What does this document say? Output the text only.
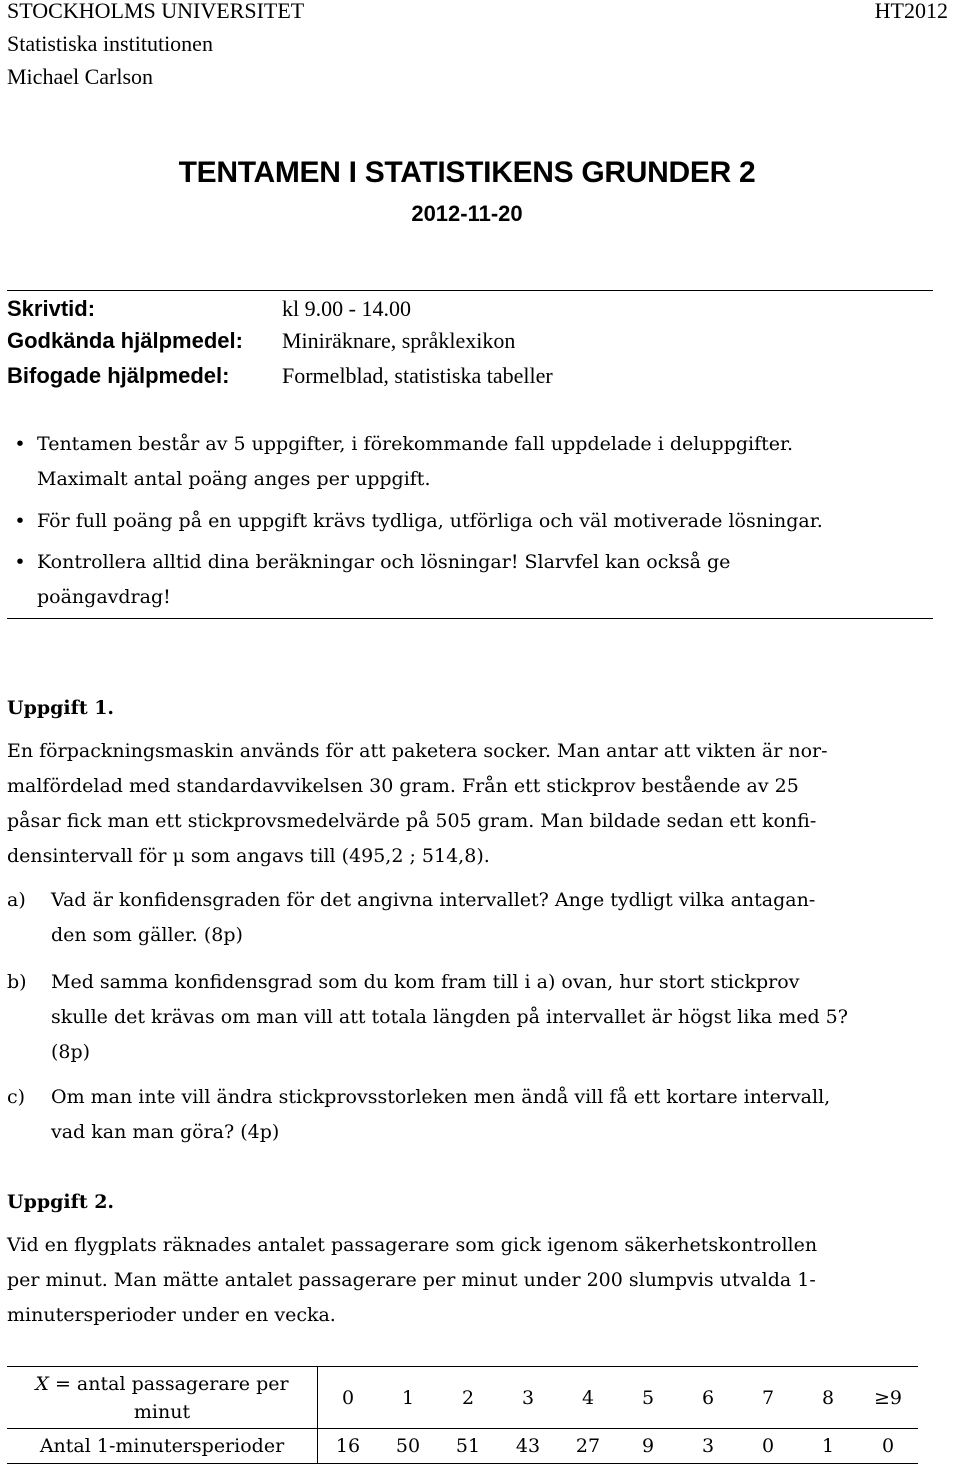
STOCKHOLMS UNIVERSITET	HT2012
Statistiska institutionen
Michael Carlson
TENTAMEN I STATISTIKENS GRUNDER 2
2012-11-20
Skrivtid:	kl 9.00 - 14.00
Godkända hjälpmedel: Miniräknare, språklexikon
Bifogade hjälpmedel: Formelblad, statistiska tabeller
• Tentamen består av 5 uppgifter, i förekommande fall uppdelade i deluppgifter.
Maximalt antal poäng anges per uppgift.
• För full poäng på en uppgift krävs tydliga, utförliga och väl motiverade lösningar.
• Kontrollera alltid dina beräkningar och lösningar! Slarvfel kan också ge
poängavdrag!
Uppgift 1.
En förpackningsmaskin används för att paketera socker. Man antar att vikten är nor-
malfördelad med standardavvikelsen 30 gram. Från ett stickprov bestående av 25
påsar fick man ett stickprovsmedelvärde på 505 gram. Man bildade sedan ett konfi-
densintervall för μ som angavs till (495,2 ; 514,8).
a) Vad är konfidensgraden för det angivna intervallet? Ange tydligt vilka antagan-
den som gäller. (8p)
b) Med samma konfidensgrad som du kom fram till i a) ovan, hur stort stickprov
skulle det krävas om man vill att totala längden på intervallet är högst lika med 5?
(8p)
c) Om man inte vill ändra stickprovsstorleken men ändå vill få ett kortare intervall,
vad kan man göra? (4p)
Uppgift 2.
Vid en flygplats räknades antalet passagerare som gick igenom säkerhetskontrollen
per minut. Man mätte antalet passagerare per minut under 200 slumpvis utvalda 1-
minutersperioder under en vecka.
X = antal passagerare per
minut	0	1	2	3	4	5	6	7	8	≥9
Antal 1-minutersperioder	16	50	51	43	27	9	3	0	1	0
